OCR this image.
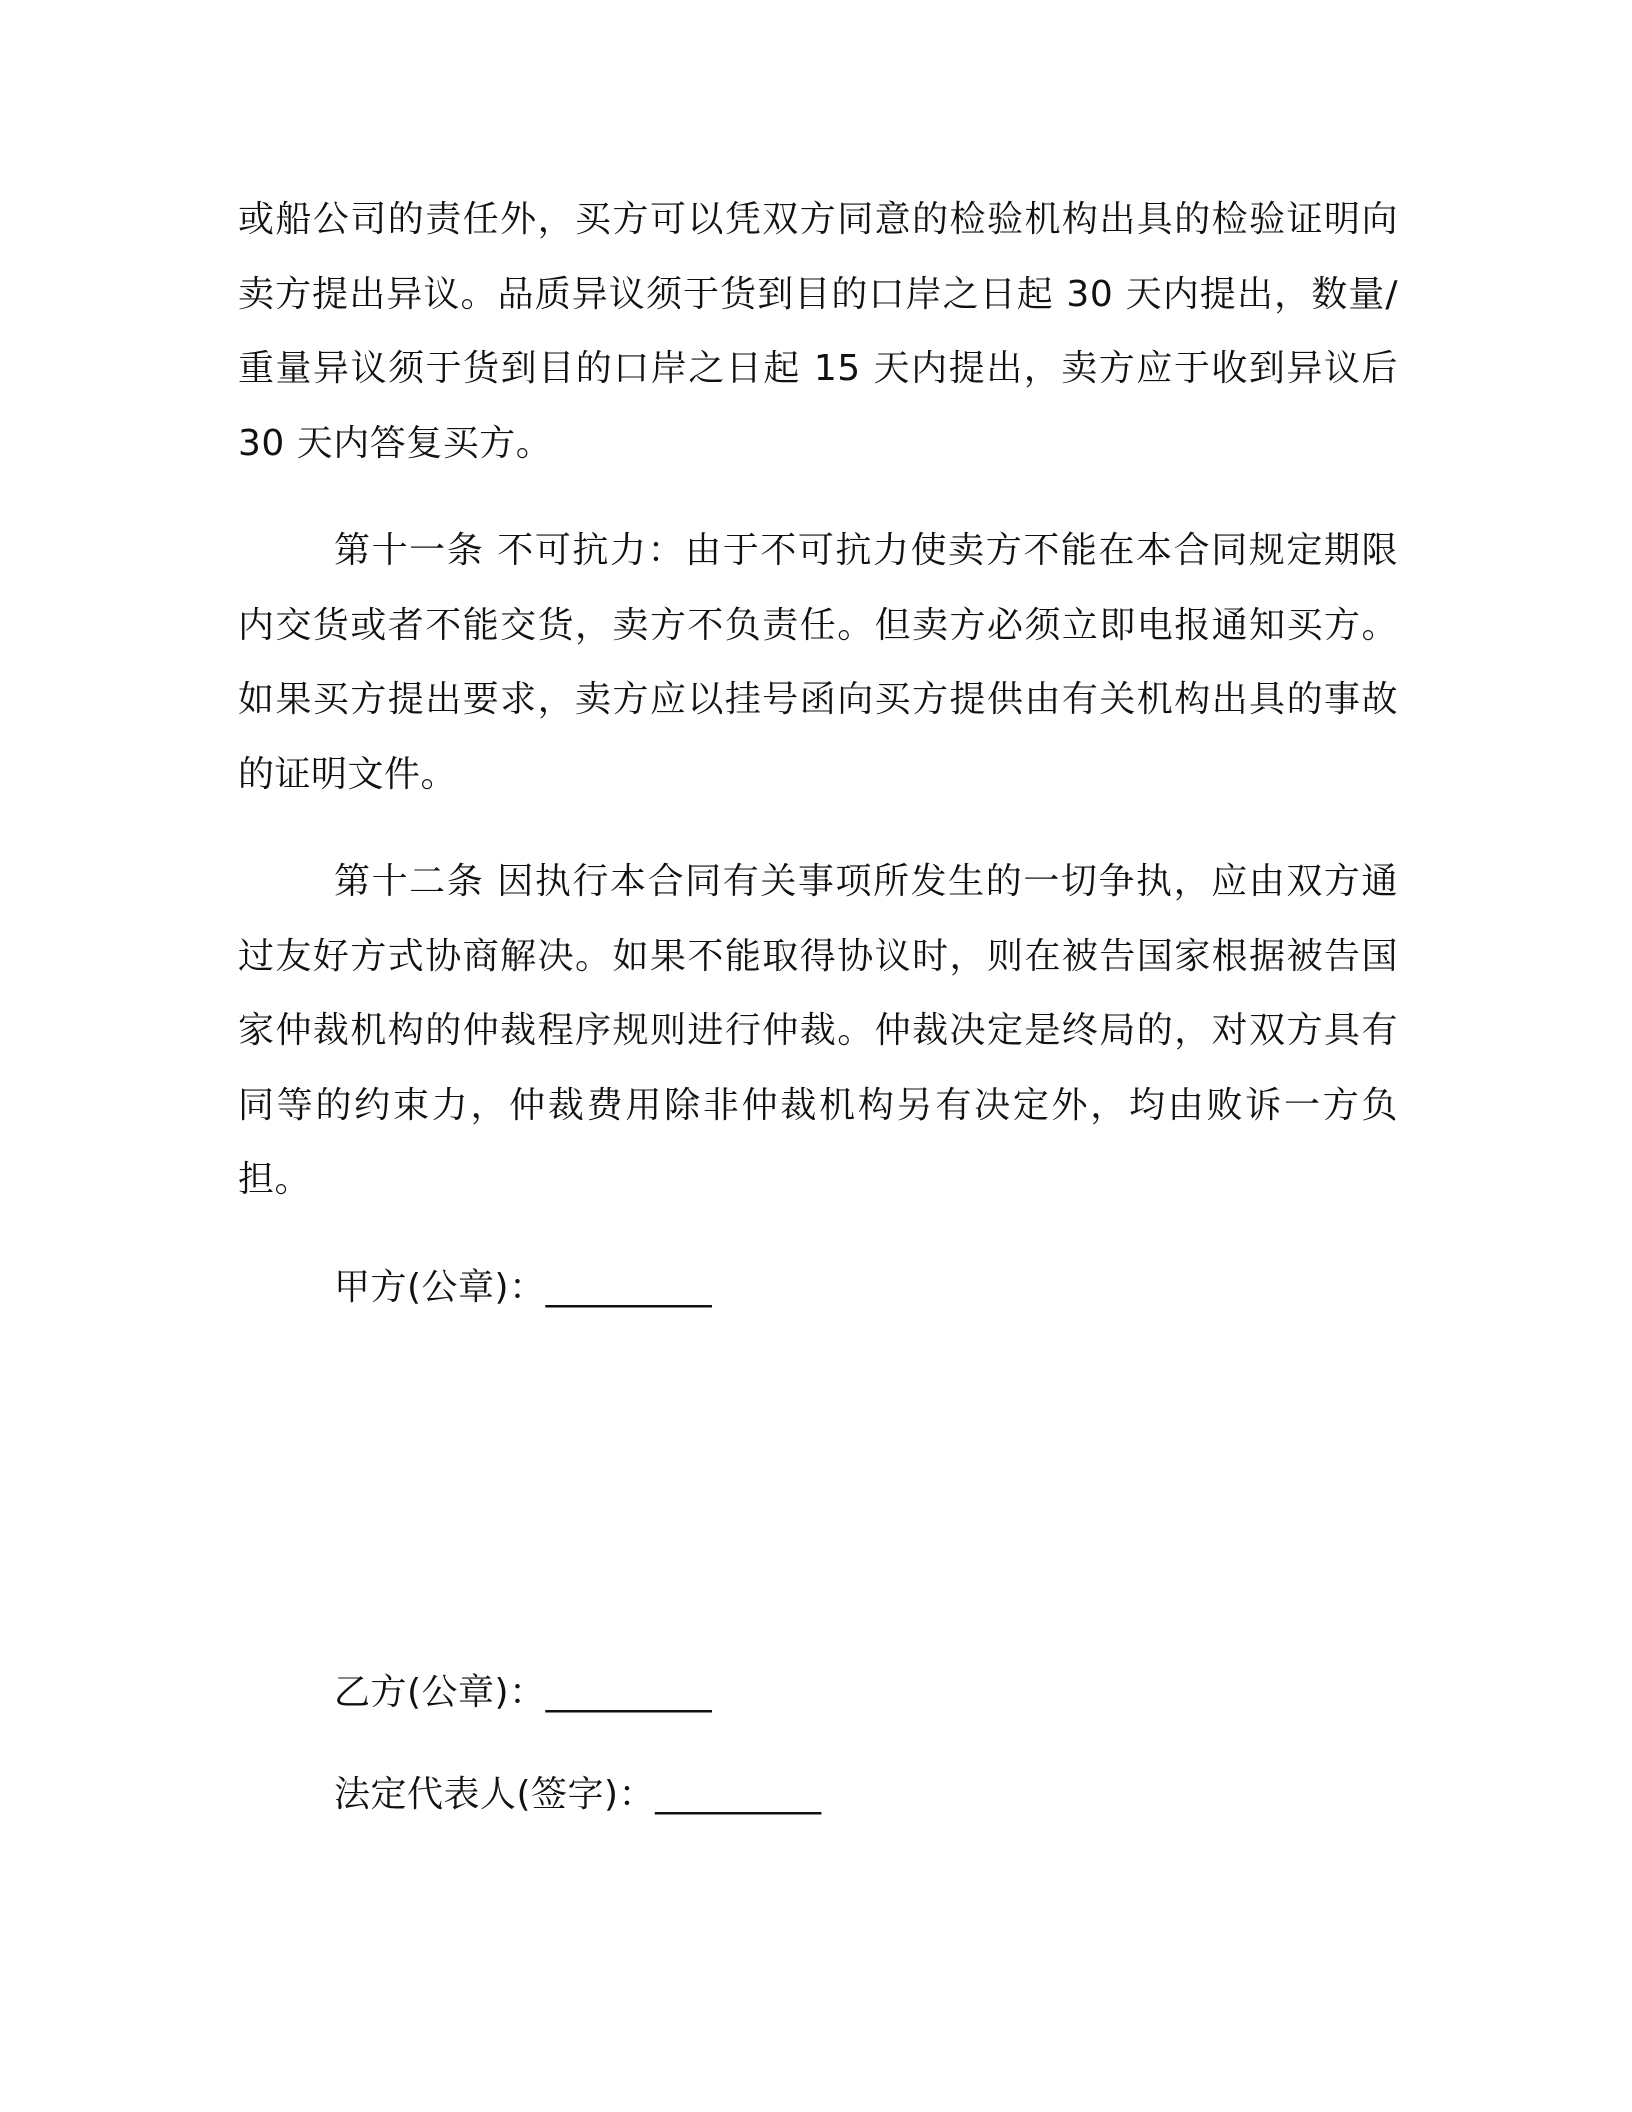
或船公司的责任外，买方可以凭双方同意的检验机构出具的检验证明向卖方提出异议。品质异议须于货到目的口岸之日起 30 天内提出，数量/重量异议须于货到目的口岸之日起 15 天内提出，卖方应于收到异议后 30 天内答复买方。

第十一条 不可抗力：由于不可抗力使卖方不能在本合同规定期限内交货或者不能交货，卖方不负责任。但卖方必须立即电报通知买方。如果买方提出要求，卖方应以挂号函向买方提供由有关机构出具的事故的证明文件。

第十二条 因执行本合同有关事项所发生的一切争执，应由双方通过友好方式协商解决。如果不能取得协议时，则在被告国家根据被告国家仲裁机构的仲裁程序规则进行仲裁。仲裁决定是终局的，对双方具有同等的约束力，仲裁费用除非仲裁机构另有决定外，均由败诉一方负担。

甲方(公章)：_________

乙方(公章)：_________

法定代表人(签字)：_________
